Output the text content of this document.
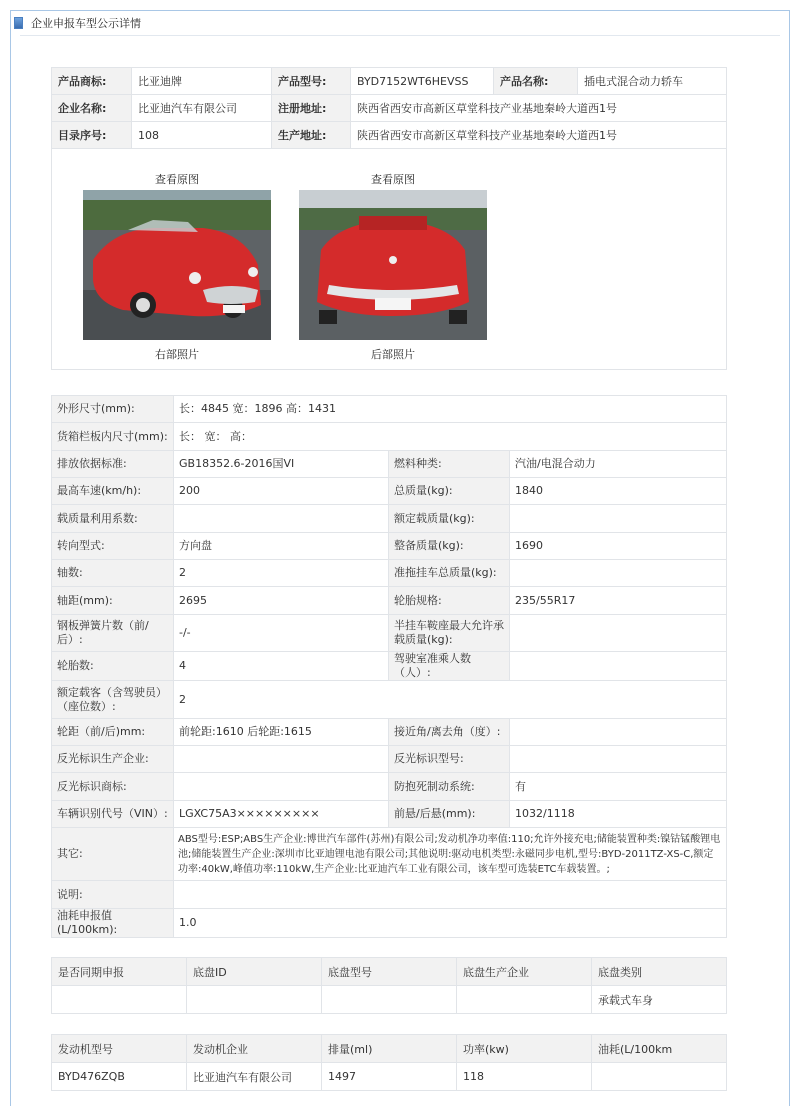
企业申报车型公示详情
产品商标:	比亚迪牌	产品型号:	BYD7152WT6HEVSS	产品名称:	插电式混合动力轿车
企业名称:	比亚迪汽车有限公司	注册地址:	陕西省西安市高新区草堂科技产业基地秦岭大道西1号		
目录序号:	108	生产地址:	陕西省西安市高新区草堂科技产业基地秦岭大道西1号		

查看原图
右部照片
查看原图
后部照片					
外形尺寸(mm):	长：4845 宽：1896 高：1431		
货箱栏板内尺寸(mm):	长： 宽： 高：		
排放依据标准:	GB18352.6-2016国VI	燃料种类:	汽油/电混合动力
最高车速(km/h):	200	总质量(kg):	1840
载质量利用系数:		额定载质量(kg):	
转向型式:	方向盘	整备质量(kg):	1690
轴数:	2	准拖挂车总质量(kg):	
轴距(mm):	2695	轮胎规格:	235/55R17
钢板弹簧片数（前/后）:	-/-	半挂车鞍座最大允许承载质量(kg):	
轮胎数:	4	驾驶室准乘人数（人）:	
额定载客（含驾驶员）（座位数）:	2		
轮距（前/后)mm:	前轮距:1610 后轮距:1615	接近角/离去角（度）:	
反光标识生产企业:		反光标识型号:	
反光标识商标:		防抱死制动系统:	有
车辆识别代号（VIN）:	LGXC75A3×××××××××	前悬/后悬(mm):	1032/1118
其它:	ABS型号:ESP;ABS生产企业:博世汽车部件(苏州)有限公司;发动机净功率值:110;允许外接充电;储能装置种类:镍钴锰酸锂电池;储能装置生产企业:深圳市比亚迪锂电池有限公司;其他说明:驱动电机类型:永磁同步电机,型号:BYD-2011TZ-XS-C,额定功率:40kW,峰值功率:110kW,生产企业:比亚迪汽车工业有限公司，该车型可选装ETC车载装置。;		
说明:			
油耗申报值(L/100km):	1.0		
是否同期申报	底盘ID	底盘型号	底盘生产企业	底盘类别
				承载式车身
发动机型号	发动机企业	排量(ml)	功率(kw)	油耗(L/100km
BYD476ZQB	比亚迪汽车有限公司	1497	118	
